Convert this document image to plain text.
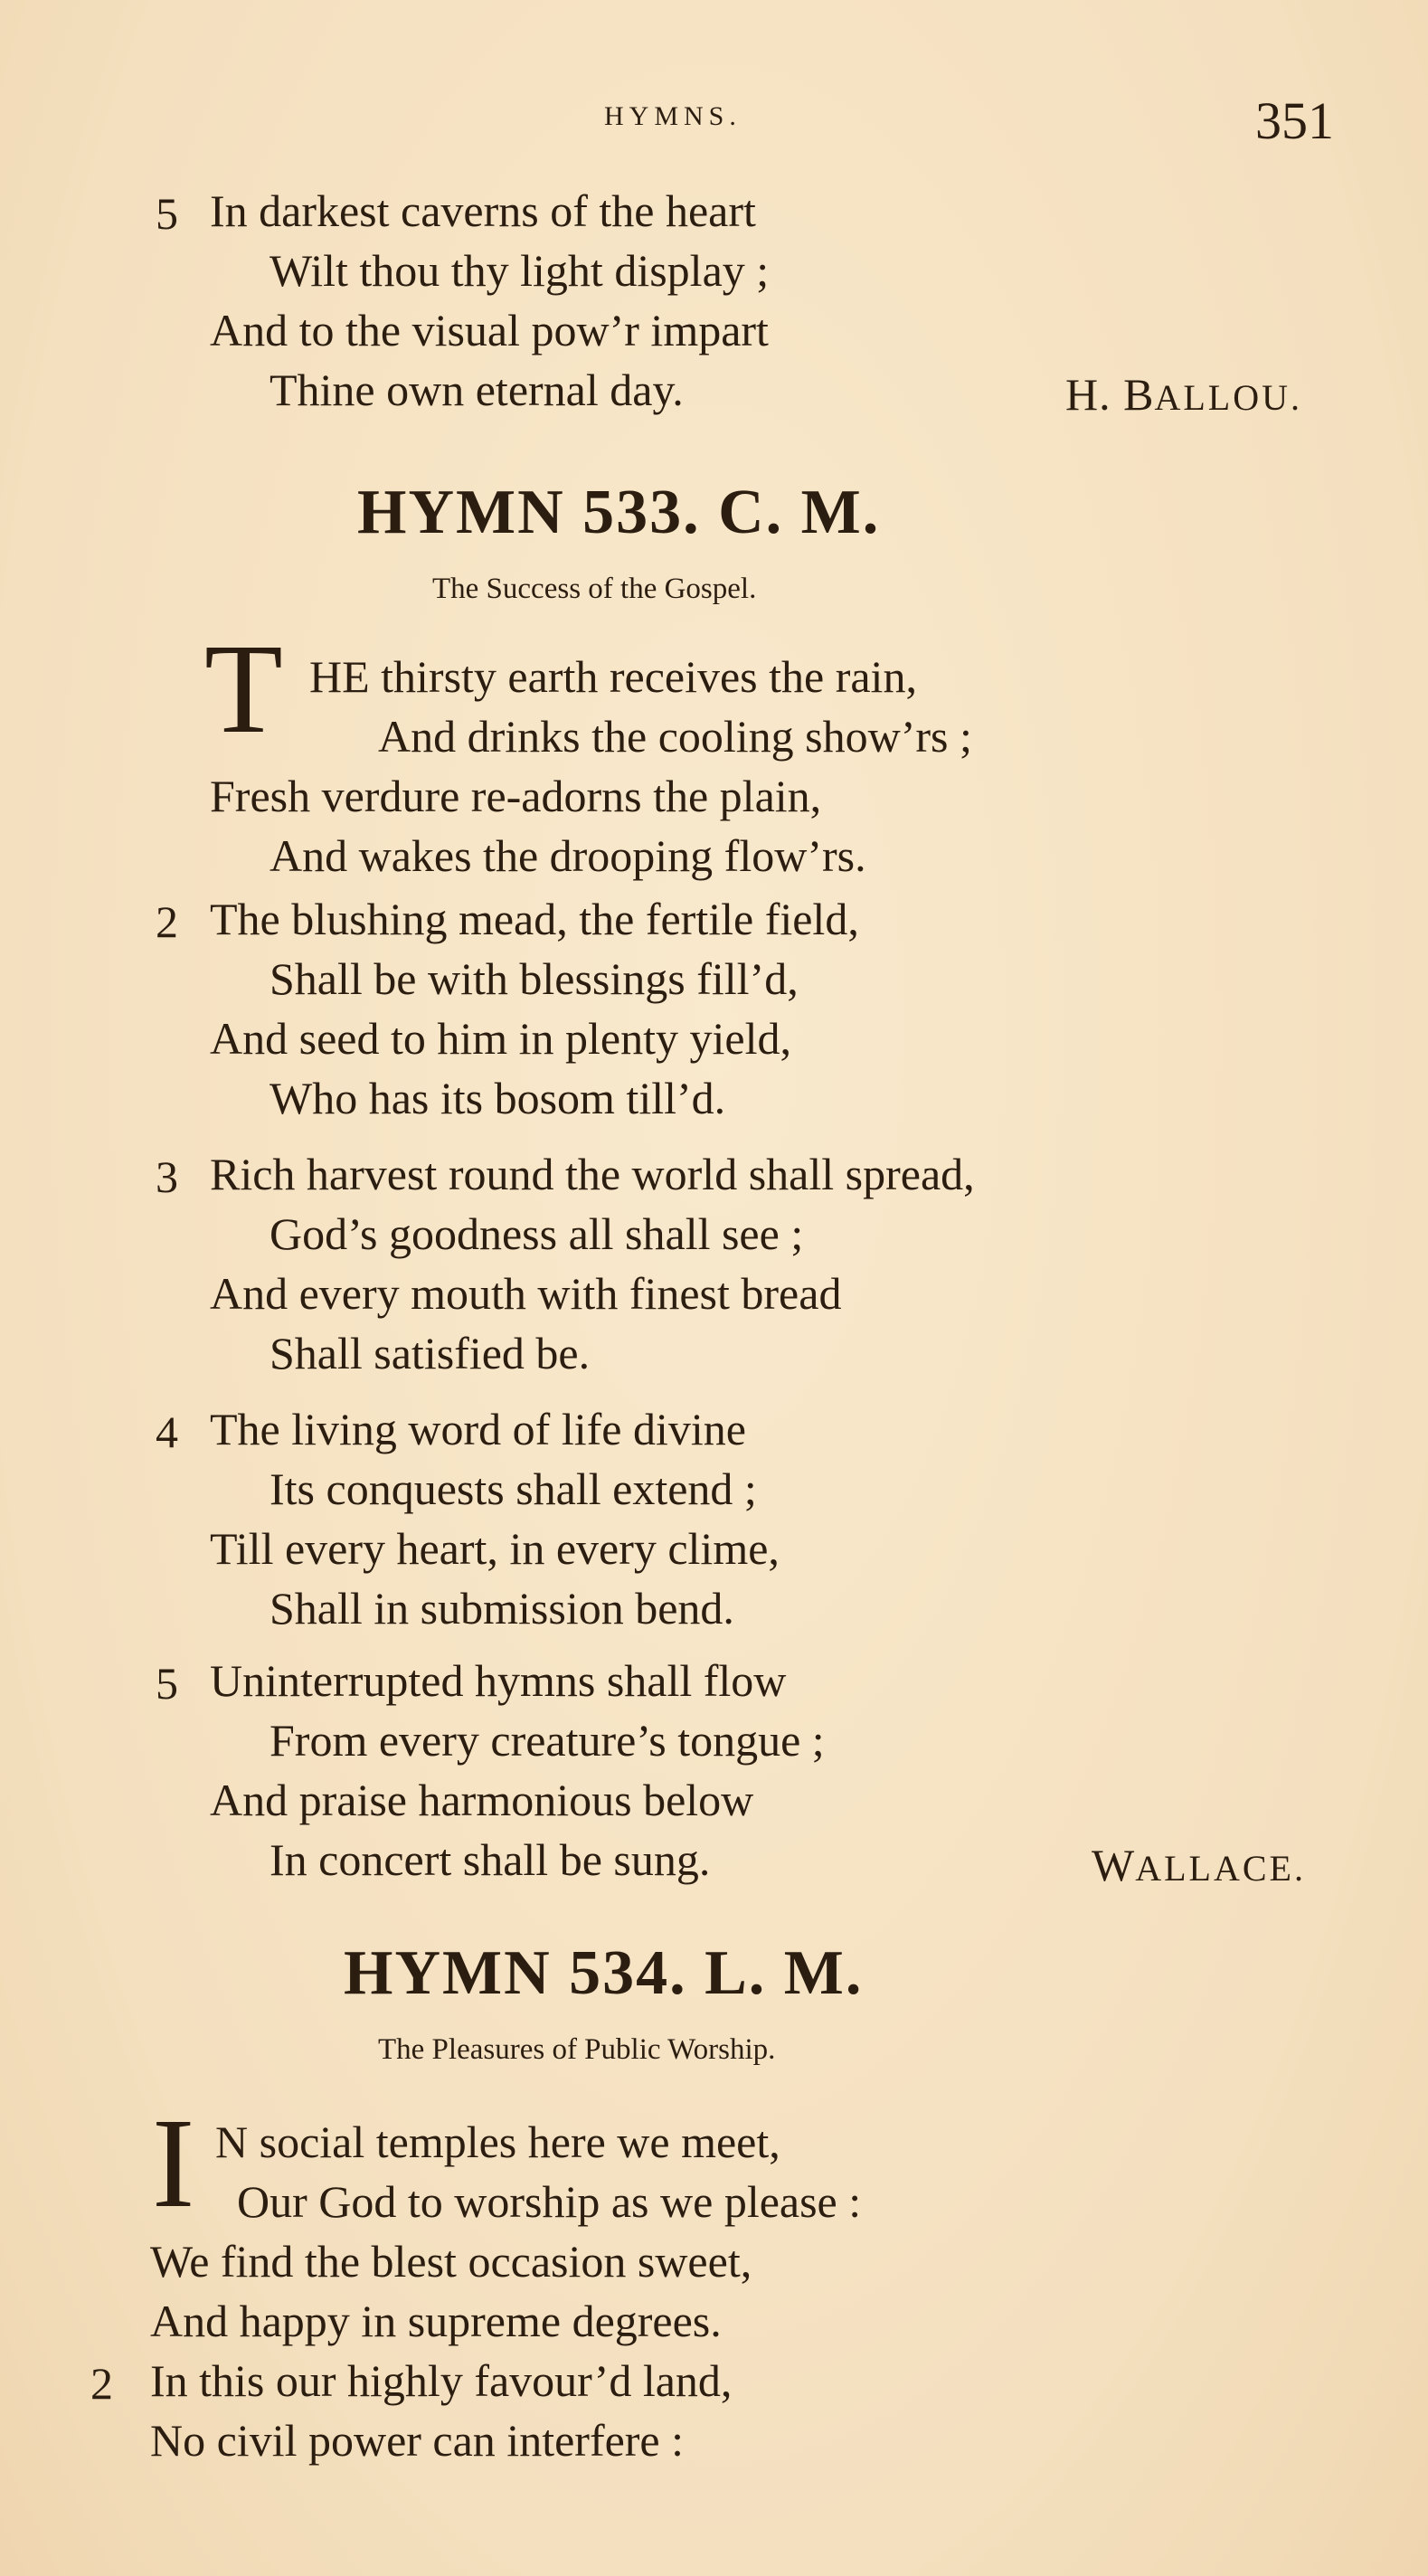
HYMNS.	351
5 In darkest caverns of the heart
Wilt thou thy light display ;
And to the visual pow’r impart
Thine own eternal day.	H. BALLOU.
HYMN 533. C. M.
The Success of the Gospel.
T HE thirsty earth receives the rain,
And drinks the cooling show’rs ;
Fresh verdure re-adorns the plain,
And wakes the drooping flow’rs.
2 The blushing mead, the fertile field,
Shall be with blessings fill’d,
And seed to him in plenty yield,
Who has its bosom till’d.
3 Rich harvest round the world shall spread,
God’s goodness all shall see ;
And every mouth with finest bread
Shall satisfied be.
4 The living word of life divine
Its conquests shall extend ;
Till every heart, in every clime,
Shall in submission bend.
5 Uninterrupted hymns shall flow
From every creature’s tongue ;
And praise harmonious below
In concert shall be sung.	WALLACE.
HYMN 534. L. M.
The Pleasures of Public Worship.
I N social temples here we meet,
Our God to worship as we please :
We find the blest occasion sweet,
And happy in supreme degrees.
2 In this our highly favour’d land,
No civil power can interfere :
